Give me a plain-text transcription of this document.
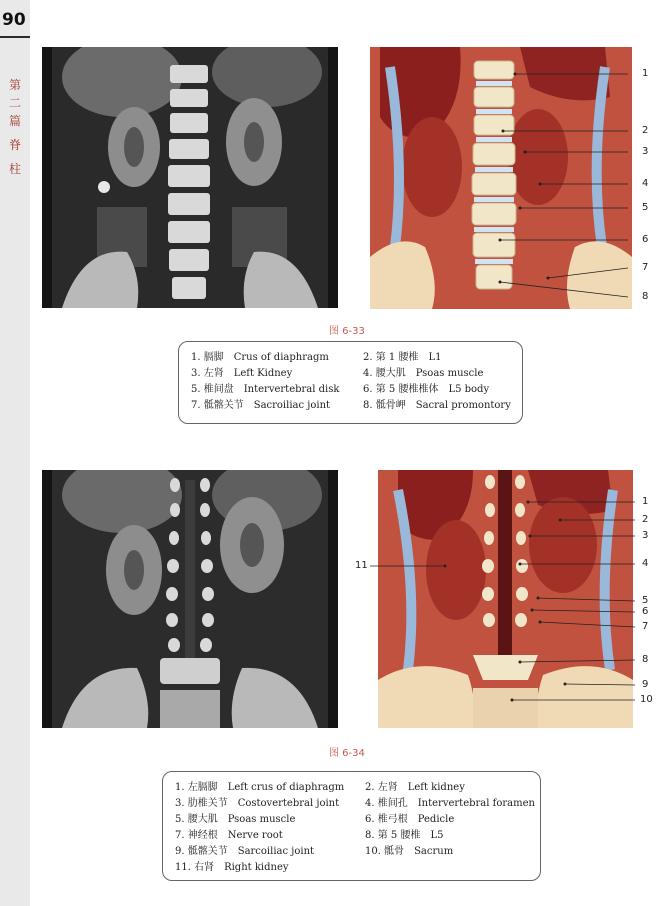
90
第
二
篇
脊
柱
1
2
3
4
5
6
7
8
图 6-33
1. 膈脚　Crus of diaphragm	2. 第 1 腰椎　L1
3. 左肾　Left Kidney	4. 腰大肌　Psoas muscle
5. 椎间盘　Intervertebral disk 6. 第 5 腰椎椎体　L5 body
7. 骶髂关节　Sacroiliac joint	8. 骶骨岬　Sacral promontory
1
2
3
4
5
6
7
8
9
10
11
图 6-34
1. 左膈脚　Left crus of diaphragm 2. 左肾　Left kidney
3. 肋椎关节　Costovertebral joint	4. 椎间孔　Intervertebral foramen
5. 腰大肌　Psoas muscle	6. 椎弓根　Pedicle
7. 神经根　Nerve root	8. 第 5 腰椎　L5
9. 骶髂关节　Sarcoiliac joint	10. 骶骨　Sacrum
11. 右肾　Right kidney
